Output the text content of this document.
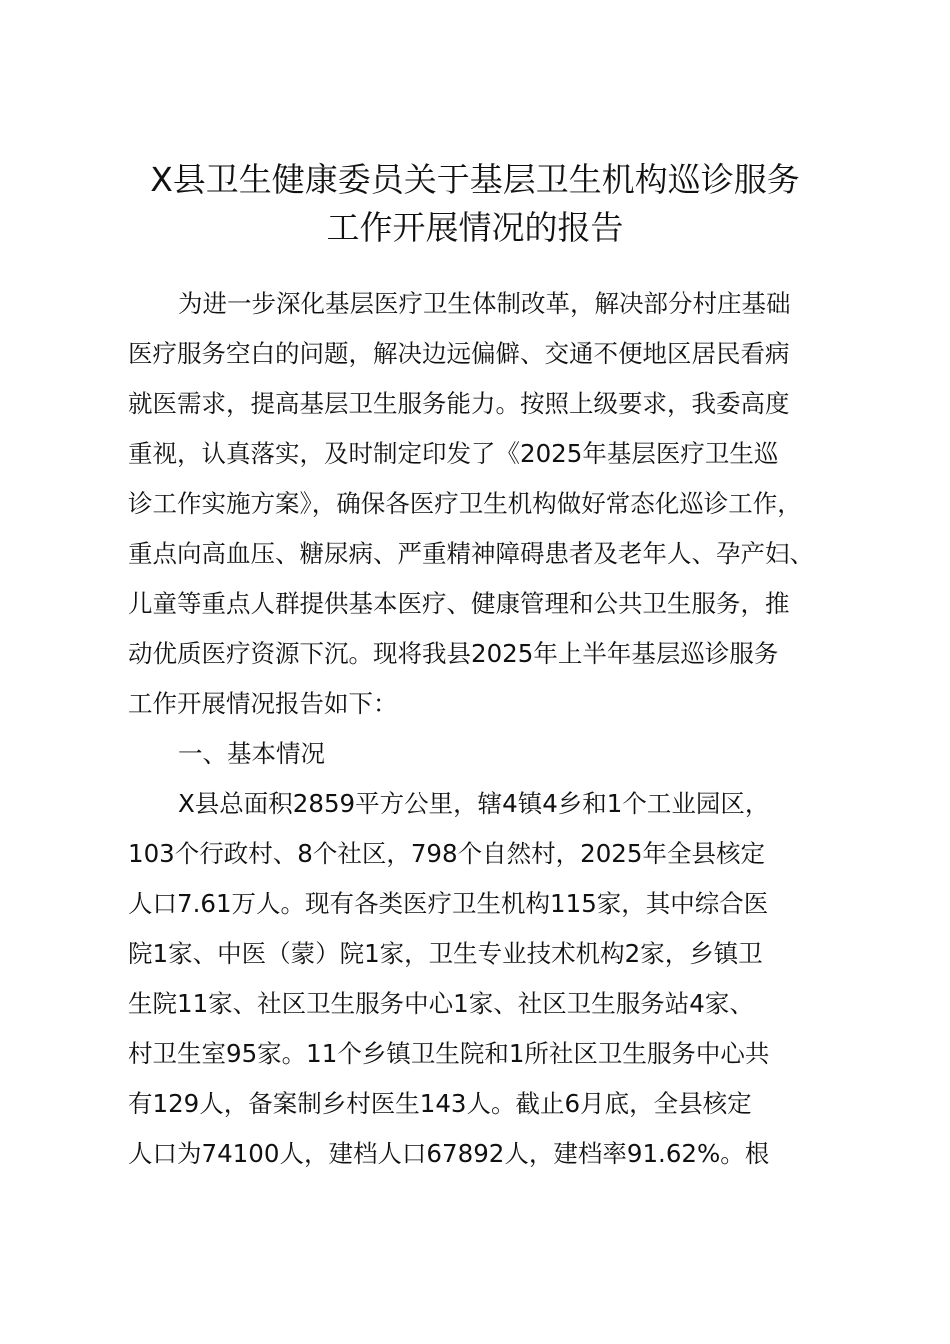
X县卫生健康委员关于基层卫生机构巡诊服务
工作开展情况的报告
为进一步深化基层医疗卫生体制改革，解决部分村庄基础
医疗服务空白的问题，解决边远偏僻、交通不便地区居民看病
就医需求，提高基层卫生服务能力。按照上级要求，我委高度
重视，认真落实，及时制定印发了《2025年基层医疗卫生巡
诊工作实施方案》，确保各医疗卫生机构做好常态化巡诊工作，
重点向高血压、糖尿病、严重精神障碍患者及老年人、孕产妇、
儿童等重点人群提供基本医疗、健康管理和公共卫生服务，推
动优质医疗资源下沉。现将我县2025年上半年基层巡诊服务
工作开展情况报告如下：
一、基本情况
X县总面积2859平方公里，辖4镇4乡和1个工业园区，
103个行政村、8个社区，798个自然村，2025年全县核定
人口7.61万人。现有各类医疗卫生机构115家，其中综合医
院1家、中医（蒙）院1家，卫生专业技术机构2家，乡镇卫
生院11家、社区卫生服务中心1家、社区卫生服务站4家、
村卫生室95家。11个乡镇卫生院和1所社区卫生服务中心共
有129人，备案制乡村医生143人。截止6月底，全县核定
人口为74100人，建档人口67892人，建档率91.62%。根
